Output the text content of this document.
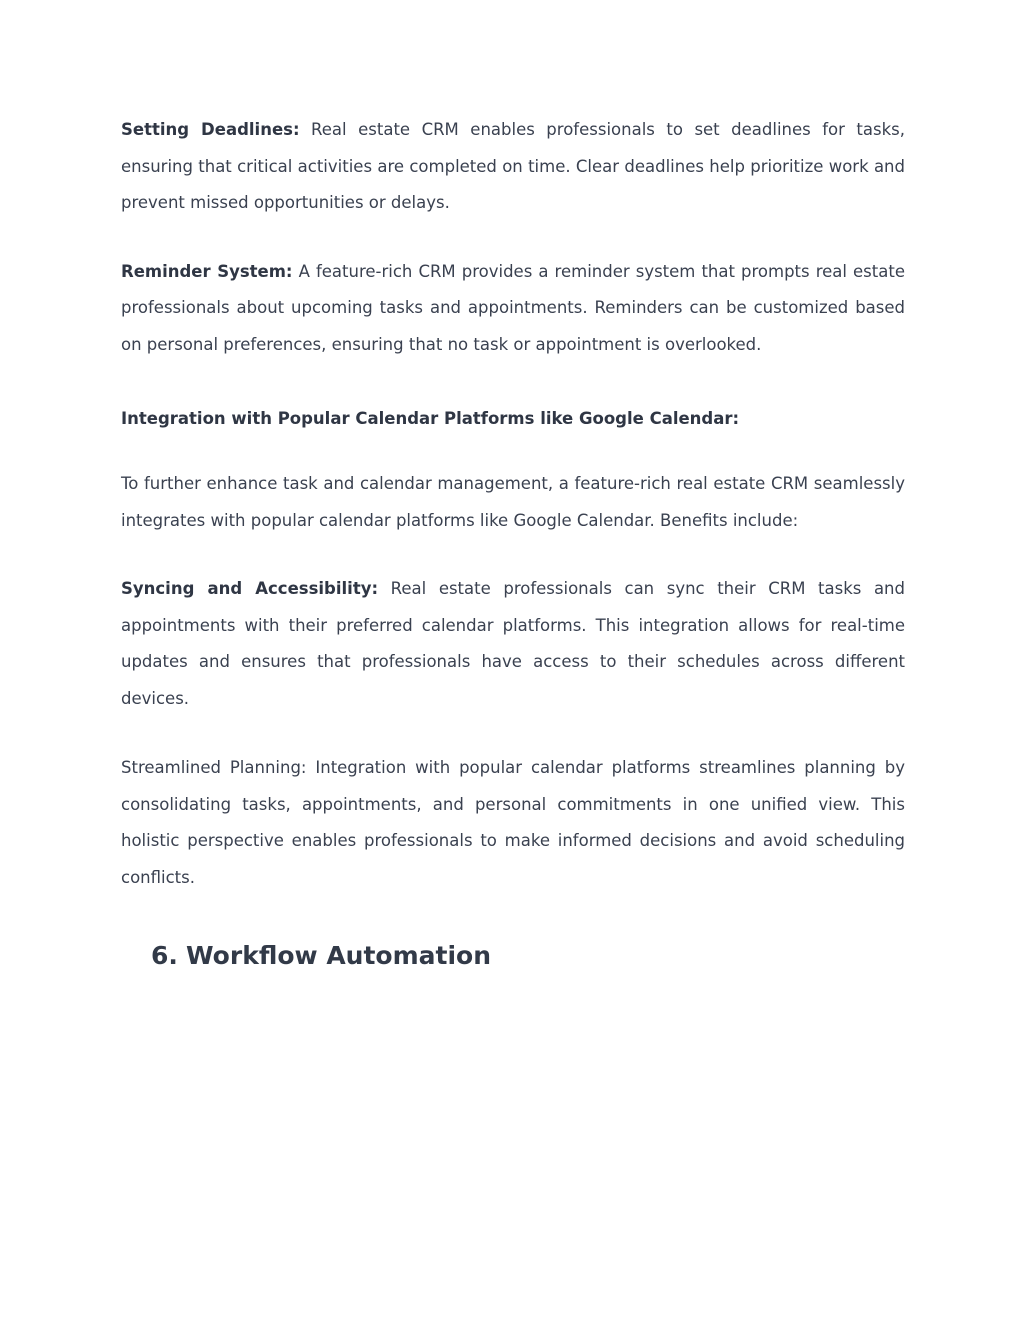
Setting Deadlines: Real estate CRM enables professionals to set deadlines for tasks, ensuring that critical activities are completed on time. Clear deadlines help prioritize work and prevent missed opportunities or delays.

Reminder System: A feature-rich CRM provides a reminder system that prompts real estate professionals about upcoming tasks and appointments. Reminders can be customized based on personal preferences, ensuring that no task or appointment is overlooked.

Integration with Popular Calendar Platforms like Google Calendar:

To further enhance task and calendar management, a feature-rich real estate CRM seamlessly integrates with popular calendar platforms like Google Calendar. Benefits include:

Syncing and Accessibility: Real estate professionals can sync their CRM tasks and appointments with their preferred calendar platforms. This integration allows for real-time updates and ensures that professionals have access to their schedules across different devices.

Streamlined Planning: Integration with popular calendar platforms streamlines planning by consolidating tasks, appointments, and personal commitments in one unified view. This holistic perspective enables professionals to make informed decisions and avoid scheduling conflicts.

6. Workflow Automation
